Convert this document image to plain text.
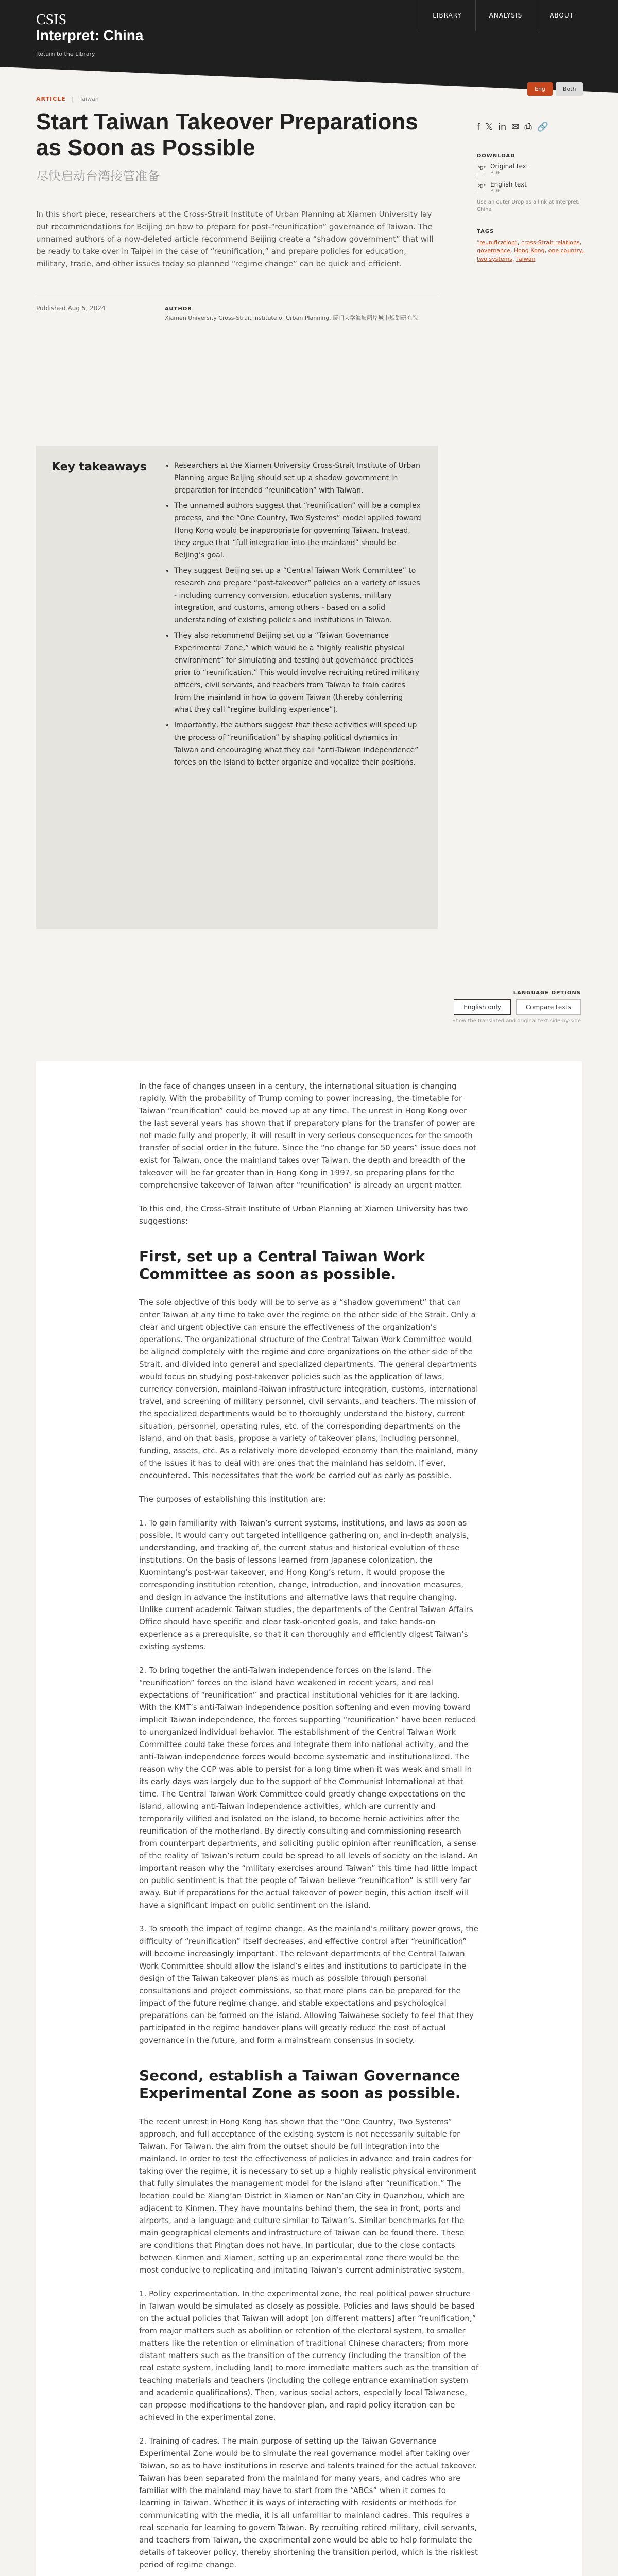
CSIS
Interpret: China
Return to the Library
LIBRARY	ANALYSIS	ABOUT
ARTICLE | Taiwan
Eng	Both
Start Taiwan Takeover Preparations as Soon as Possible
尽快启动台湾接管准备
In this short piece, researchers at the Cross-Strait Institute of Urban Planning at Xiamen University lay out recommendations for Beijing on how to prepare for post-“reunification” governance of Taiwan. The unnamed authors of a now-deleted article recommend Beijing create a “shadow government” that will be ready to take over in Taipei in the case of “reunification,” and prepare policies for education, military, trade, and other issues today so planned “regime change” can be quick and efficient.
Published Aug 5, 2024	AUTHOR
Xiamen University Cross-Strait Institute of Urban Planning, 厦门大学海峡两岸城市规划研究院
f 𝕏 in ✉ ⎙ 🔗
DOWNLOAD
PDF Original text
PDF
PDF English text
PDF
Use an outer Drop as a link at Interpret: China
TAGS
“reunification”, cross-Strait relations, governance, Hong Kong, one country, two systems, Taiwan
Key takeaways
•	Researchers at the Xiamen University Cross-Strait Institute of Urban Planning argue Beijing should set up a shadow government in preparation for intended “reunification” with Taiwan.
• The unnamed authors suggest that “reunification” will be a complex process, and the “One Country, Two Systems” model applied toward Hong Kong would be inappropriate for governing Taiwan. Instead, they argue that “full integration into the mainland” should be Beijing’s goal.
• They suggest Beijing set up a “Central Taiwan Work Committee” to research and prepare “post-takeover” policies on a variety of issues - including currency conversion, education systems, military integration, and customs, among others - based on a solid understanding of existing policies and institutions in Taiwan.
• They also recommend Beijing set up a “Taiwan Governance Experimental Zone,” which would be a “highly realistic physical environment” for simulating and testing out governance practices prior to “reunification.” This would involve recruiting retired military officers, civil servants, and teachers from Taiwan to train cadres from the mainland in how to govern Taiwan (thereby conferring what they call “regime building experience”).
• Importantly, the authors suggest that these activities will speed up the process of “reunification” by shaping political dynamics in Taiwan and encouraging what they call “anti-Taiwan independence” forces on the island to better organize and vocalize their positions.
LANGUAGE OPTIONS
English only	Compare texts
Show the translated and original text side-by-side

In the face of changes unseen in a century, the international situation is changing rapidly. With the probability of Trump coming to power increasing, the timetable for Taiwan “reunification” could be moved up at any time. The unrest in Hong Kong over the last several years has shown that if preparatory plans for the transfer of power are not made fully and properly, it will result in very serious consequences for the smooth transfer of social order in the future. Since the “no change for 50 years” issue does not exist for Taiwan, once the mainland takes over Taiwan, the depth and breadth of the takeover will be far greater than in Hong Kong in 1997, so preparing plans for the comprehensive takeover of Taiwan after “reunification” is already an urgent matter.

To this end, the Cross-Strait Institute of Urban Planning at Xiamen University has two suggestions:

First, set up a Central Taiwan Work Committee as soon as possible.

The sole objective of this body will be to serve as a “shadow government” that can enter Taiwan at any time to take over the regime on the other side of the Strait. Only a clear and urgent objective can ensure the effectiveness of the organization’s operations. The organizational structure of the Central Taiwan Work Committee would be aligned completely with the regime and core organizations on the other side of the Strait, and divided into general and specialized departments. The general departments would focus on studying post-takeover policies such as the application of laws, currency conversion, mainland-Taiwan infrastructure integration, customs, international travel, and screening of military personnel, civil servants, and teachers. The mission of the specialized departments would be to thoroughly understand the history, current situation, personnel, operating rules, etc. of the corresponding departments on the island, and on that basis, propose a variety of takeover plans, including personnel, funding, assets, etc. As a relatively more developed economy than the mainland, many of the issues it has to deal with are ones that the mainland has seldom, if ever, encountered. This necessitates that the work be carried out as early as possible.

The purposes of establishing this institution are:

1. To gain familiarity with Taiwan’s current systems, institutions, and laws as soon as possible. It would carry out targeted intelligence gathering on, and in-depth analysis, understanding, and tracking of, the current status and historical evolution of these institutions. On the basis of lessons learned from Japanese colonization, the Kuomintang’s post-war takeover, and Hong Kong’s return, it would propose the corresponding institution retention, change, introduction, and innovation measures, and design in advance the institutions and alternative laws that require changing. Unlike current academic Taiwan studies, the departments of the Central Taiwan Affairs Office should have specific and clear task-oriented goals, and take hands-on experience as a prerequisite, so that it can thoroughly and efficiently digest Taiwan’s existing systems.

2. To bring together the anti-Taiwan independence forces on the island. The “reunification” forces on the island have weakened in recent years, and real expectations of “reunification” and practical institutional vehicles for it are lacking. With the KMT’s anti-Taiwan independence position softening and even moving toward implicit Taiwan independence, the forces supporting “reunification” have been reduced to unorganized individual behavior. The establishment of the Central Taiwan Work Committee could take these forces and integrate them into national activity, and the anti-Taiwan independence forces would become systematic and institutionalized. The reason why the CCP was able to persist for a long time when it was weak and small in its early days was largely due to the support of the Communist International at that time. The Central Taiwan Work Committee could greatly change expectations on the island, allowing anti-Taiwan independence activities, which are currently and temporarily vilified and isolated on the island, to become heroic activities after the reunification of the motherland. By directly consulting and commissioning research from counterpart departments, and soliciting public opinion after reunification, a sense of the reality of Taiwan’s return could be spread to all levels of society on the island. An important reason why the “military exercises around Taiwan” this time had little impact on public sentiment is that the people of Taiwan believe “reunification” is still very far away. But if preparations for the actual takeover of power begin, this action itself will have a significant impact on public sentiment on the island.

3. To smooth the impact of regime change. As the mainland’s military power grows, the difficulty of “reunification” itself decreases, and effective control after “reunification” will become increasingly important. The relevant departments of the Central Taiwan Work Committee should allow the island’s elites and institutions to participate in the design of the Taiwan takeover plans as much as possible through personal consultations and project commissions, so that more plans can be prepared for the impact of the future regime change, and stable expectations and psychological preparations can be formed on the island. Allowing Taiwanese society to feel that they participated in the regime handover plans will greatly reduce the cost of actual governance in the future, and form a mainstream consensus in society.

Second, establish a Taiwan Governance Experimental Zone as soon as possible.

The recent unrest in Hong Kong has shown that the “One Country, Two Systems” approach, and full acceptance of the existing system is not necessarily suitable for Taiwan. For Taiwan, the aim from the outset should be full integration into the mainland. In order to test the effectiveness of policies in advance and train cadres for taking over the regime, it is necessary to set up a highly realistic physical environment that fully simulates the management model for the island after “reunification.” The location could be Xiang’an District in Xiamen or Nan’an City in Quanzhou, which are adjacent to Kinmen. They have mountains behind them, the sea in front, ports and airports, and a language and culture similar to Taiwan’s. Similar benchmarks for the main geographical elements and infrastructure of Taiwan can be found there. These are conditions that Pingtan does not have. In particular, due to the close contacts between Kinmen and Xiamen, setting up an experimental zone there would be the most conducive to replicating and imitating Taiwan’s current administrative system.

1. Policy experimentation. In the experimental zone, the real political power structure in Taiwan would be simulated as closely as possible. Policies and laws should be based on the actual policies that Taiwan will adopt [on different matters] after “reunification,” from major matters such as abolition or retention of the electoral system, to smaller matters like the retention or elimination of traditional Chinese characters; from more distant matters such as the transition of the currency (including the transition of the real estate system, including land) to more immediate matters such as the transition of teaching materials and teachers (including the college entrance examination system and academic qualifications). Then, various social actors, especially local Taiwanese, can propose modifications to the handover plan, and rapid policy iteration can be achieved in the experimental zone.

2. Training of cadres. The main purpose of setting up the Taiwan Governance Experimental Zone would be to simulate the real governance model after taking over Taiwan, so as to have institutions in reserve and talents trained for the actual takeover. Taiwan has been separated from the mainland for many years, and cadres who are familiar with the mainland may have to start from the “ABCs” when it comes to learning in Taiwan. Whether it is ways of interacting with residents or methods for communicating with the media, it is all unfamiliar to mainland cadres. This requires a real scenario for learning to govern Taiwan. By recruiting retired military, civil servants, and teachers from Taiwan, the experimental zone would be able to help formulate the details of takeover policy, thereby shortening the transition period, which is the riskiest period of regime change.
